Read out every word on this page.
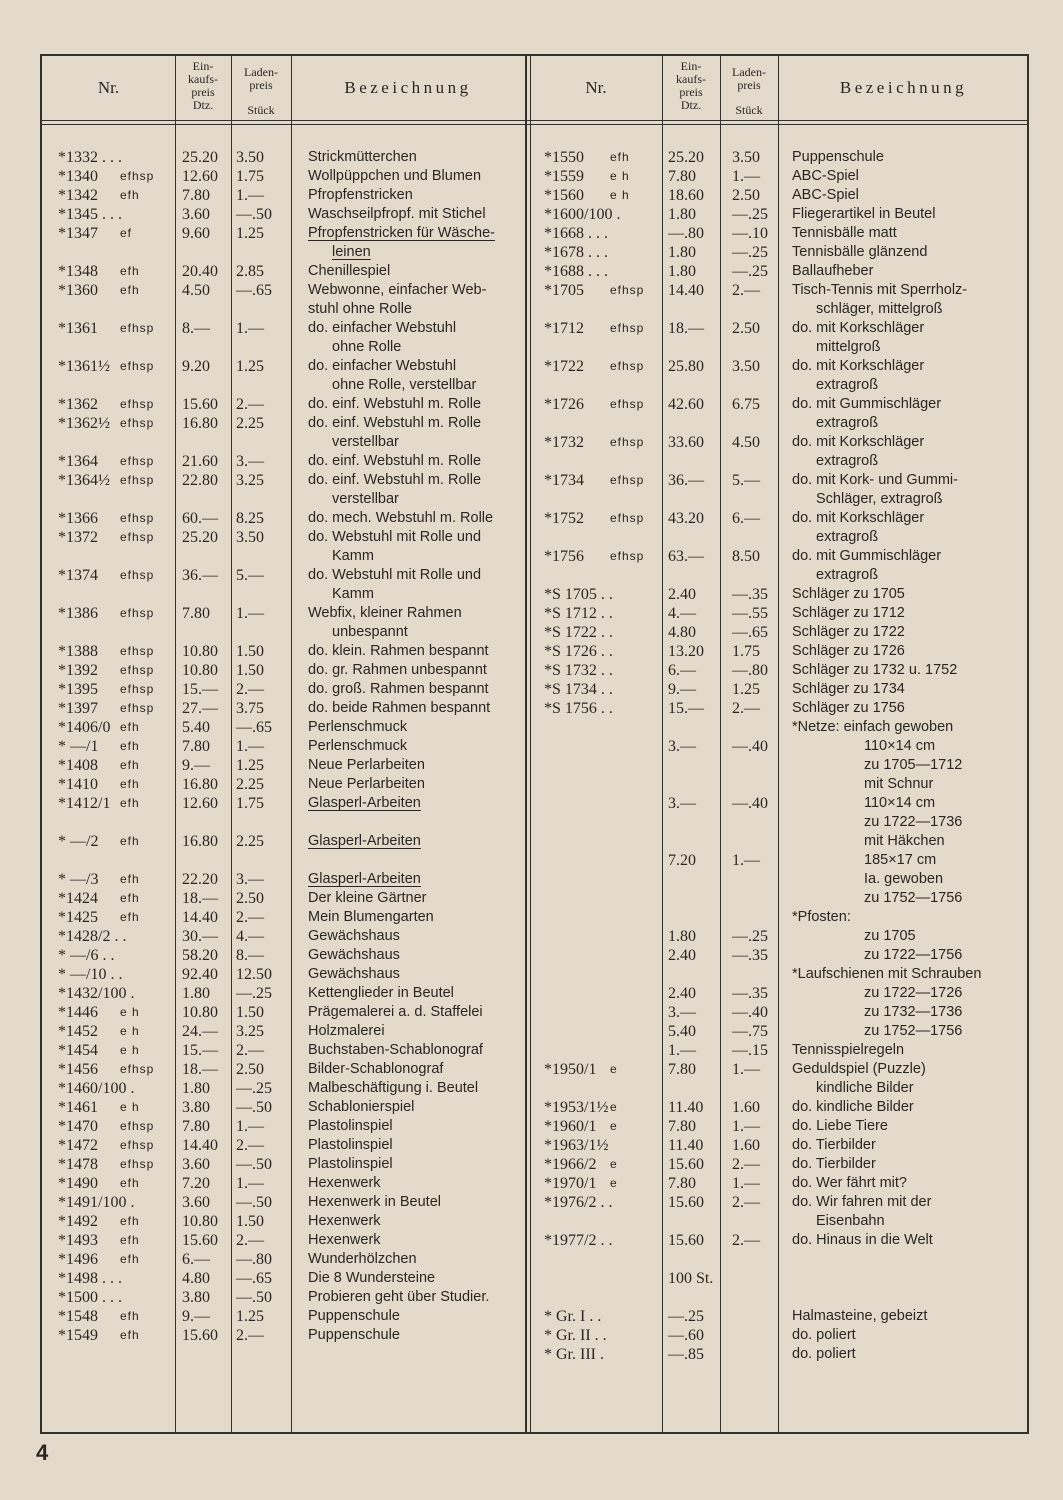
Nr.
Ein-
kaufs-
preis
Dtz.
Laden-
preis
Stück
Bezeichnung	Nr.
Ein-
kaufs-
preis
Dtz.
Laden-
preis
Stück
Bezeichnung
*1332 . . .	25.20 3.50	Strickmütterchen
*1340 efhsp 12.60 1.75	Wollpüppchen und Blumen
*1342 efh	7.80 1.—	Pfropfenstricken
*1345 . . .	3.60 —.50 Waschseilpfropf. mit Stichel
*1347 ef	9.60 1.25	Pfropfenstricken für Wäsche-
leinen
*1348 efh	20.40 2.85	Chenillespiel
*1360 efh	4.50 —.65 Webwonne, einfacher Web-
stuhl ohne Rolle
*1361 efhsp 8.— 1.—	do. einfacher Webstuhl
ohne Rolle
*1361½ efhsp 9.20 1.25	do. einfacher Webstuhl
ohne Rolle, verstellbar
*1362 efhsp 15.60 2.—	do. einf. Webstuhl m. Rolle
*1362½ efhsp 16.80 2.25	do. einf. Webstuhl m. Rolle
verstellbar
*1364 efhsp 21.60 3.—	do. einf. Webstuhl m. Rolle
*1364½ efhsp 22.80 3.25	do. einf. Webstuhl m. Rolle
verstellbar
*1366 efhsp 60.— 8.25	do. mech. Webstuhl m. Rolle
*1372 efhsp 25.20 3.50	do. Webstuhl mit Rolle und
Kamm
*1374 efhsp 36.— 5.—	do. Webstuhl mit Rolle und
Kamm
*1386 efhsp 7.80 1.—	Webfix, kleiner Rahmen
unbespannt
*1388 efhsp 10.80 1.50	do. klein. Rahmen bespannt
*1392 efhsp 10.80 1.50	do. gr. Rahmen unbespannt
*1395 efhsp 15.— 2.—	do. groß. Rahmen bespannt
*1397 efhsp 27.— 3.75	do. beide Rahmen bespannt
*1406/0 efh	5.40 —.65 Perlenschmuck
* —/1 efh	7.80 1.—	Perlenschmuck
*1408 efh	9.— 1.25	Neue Perlarbeiten
*1410 efh	16.80 2.25	Neue Perlarbeiten
*1412/1 efh	12.60 1.75	Glasperl-Arbeiten
* —/2 efh	16.80 2.25	Glasperl-Arbeiten
* —/3 efh	22.20 3.—	Glasperl-Arbeiten
*1424 efh	18.— 2.50	Der kleine Gärtner
*1425 efh	14.40 2.—	Mein Blumengarten
*1428/2 . .	30.— 4.—	Gewächshaus
* —/6 . .	58.20 8.—	Gewächshaus
* —/10 . .	92.40 12.50 Gewächshaus
*1432/100 .	1.80 —.25 Kettenglieder in Beutel
*1446 e h	10.80 1.50	Prägemalerei a. d. Staffelei
*1452 e h	24.— 3.25	Holzmalerei
*1454 e h	15.— 2.—	Buchstaben-Schablonograf
*1456 efhsp 18.— 2.50	Bilder-Schablonograf
*1460/100 .	1.80 —.25 Malbeschäftigung i. Beutel
*1461 e h	3.80 —.50 Schablonierspiel
*1470 efhsp 7.80 1.—	Plastolinspiel
*1472 efhsp 14.40 2.—	Plastolinspiel
*1478 efhsp 3.60 —.50 Plastolinspiel
*1490 efh	7.20 1.—	Hexenwerk
*1491/100 .	3.60 —.50 Hexenwerk in Beutel
*1492 efh	10.80 1.50	Hexenwerk
*1493 efh	15.60 2.—	Hexenwerk
*1496 efh	6.— —.80 Wunderhölzchen
*1498 . . .	4.80 —.65 Die 8 Wundersteine
*1500 . . .	3.80 —.50 Probieren geht über Studier.
*1548 efh	9.— 1.25	Puppenschule
*1549 efh	15.60 2.—	Puppenschule
*1550 efh 25.20 3.50 Puppenschule
*1559 e h 7.80 1.— ABC-Spiel
*1560 e h 18.60 2.50 ABC-Spiel
*1600/100 .	1.80 —.25 Fliegerartikel in Beutel
*1668 . . .	—.80 —.10 Tennisbälle matt
*1678 . . .	1.80 —.25 Tennisbälle glänzend
*1688 . . .	1.80 —.25 Ballaufheber
*1705 efhsp 14.40 2.— Tisch-Tennis mit Sperrholz-
schläger, mittelgroß
*1712 efhsp 18.— 2.50 do. mit Korkschläger
mittelgroß
*1722 efhsp 25.80 3.50 do. mit Korkschläger
extragroß
*1726 efhsp 42.60 6.75 do. mit Gummischläger
extragroß
*1732 efhsp 33.60 4.50 do. mit Korkschläger
extragroß
*1734 efhsp 36.— 5.— do. mit Kork- und Gummi-
Schläger, extragroß
*1752 efhsp 43.20 6.— do. mit Korkschläger
extragroß
*1756 efhsp 63.— 8.50 do. mit Gummischläger
extragroß
*S 1705 . .	2.40 —.35 Schläger zu 1705
*S 1712 . .	4.— —.55 Schläger zu 1712
*S 1722 . .	4.80 —.65 Schläger zu 1722
*S 1726 . .	13.20 1.75 Schläger zu 1726
*S 1732 . .	6.— —.80 Schläger zu 1732 u. 1752
*S 1734 . .	9.— 1.25 Schläger zu 1734
*S 1756 . .	15.— 2.— Schläger zu 1756
*Netze: einfach gewoben
3.— —.40	110×14 cm
zu 1705—1712
mit Schnur
3.— —.40	110×14 cm
zu 1722—1736
mit Häkchen
7.20 1.—	185×17 cm
Ia. gewoben
zu 1752—1756
*Pfosten:
1.80 —.25	zu 1705
2.40 —.35	zu 1722—1756
*Laufschienen mit Schrauben
2.40 —.35	zu 1722—1726
3.— —.40	zu 1732—1736
5.40 —.75	zu 1752—1756
1.— —.15 Tennisspielregeln
*1950/1 e	7.80 1.— Geduldspiel (Puzzle)
kindliche Bilder
*1953/1½ e	11.40 1.60 do. kindliche Bilder
*1960/1 e	7.80 1.— do. Liebe Tiere
*1963/1½	11.40 1.60 do. Tierbilder
*1966/2 e	15.60 2.— do. Tierbilder
*1970/1 e	7.80 1.— do. Wer fährt mit?
*1976/2 . .	15.60 2.— do. Wir fahren mit der
Eisenbahn
*1977/2 . .	15.60 2.— do. Hinaus in die Welt
100 St.
* Gr. I . .	—.25	Halmasteine, gebeizt
* Gr. II . .	—.60	do. poliert
* Gr. III .	—.85	do. poliert
4
